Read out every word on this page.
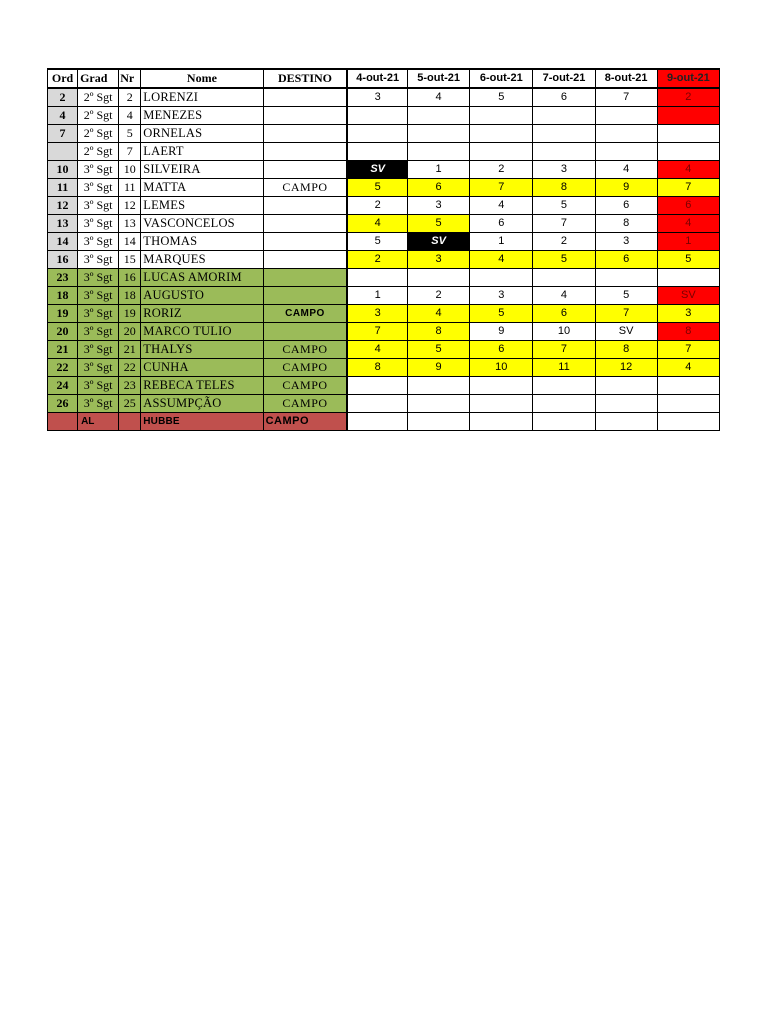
Ord	Grad	Nr	Nome	DESTINO	4-out-21	5-out-21	6-out-21	7-out-21	8-out-21	9-out-21
2	2º Sgt	2	LORENZI		3	4	5	6	7	2
4	2º Sgt	4	MENEZES							
7	2º Sgt	5	ORNELAS							
	2º Sgt	7	LAERT							
10	3º Sgt	10	SILVEIRA		SV	1	2	3	4	4
11	3º Sgt	11	MATTA	CAMPO	5	6	7	8	9	7
12	3º Sgt	12	LEMES		2	3	4	5	6	6
13	3º Sgt	13	VASCONCELOS		4	5	6	7	8	4
14	3º Sgt	14	THOMAS		5	SV	1	2	3	1
16	3º Sgt	15	MARQUES		2	3	4	5	6	5
23	3º Sgt	16	LUCAS AMORIM							
18	3º Sgt	18	AUGUSTO		1	2	3	4	5	SV
19	3º Sgt	19	RORIZ	CAMPO	3	4	5	6	7	3
20	3º Sgt	20	MARCO TULIO		7	8	9	10	SV	8
21	3º Sgt	21	THALYS	CAMPO	4	5	6	7	8	7
22	3º Sgt	22	CUNHA	CAMPO	8	9	10	11	12	4
24	3º Sgt	23	REBECA TELES	CAMPO						
26	3º Sgt	25	ASSUMPÇÃO	CAMPO						
	AL		HUBBE	CAMPO						
